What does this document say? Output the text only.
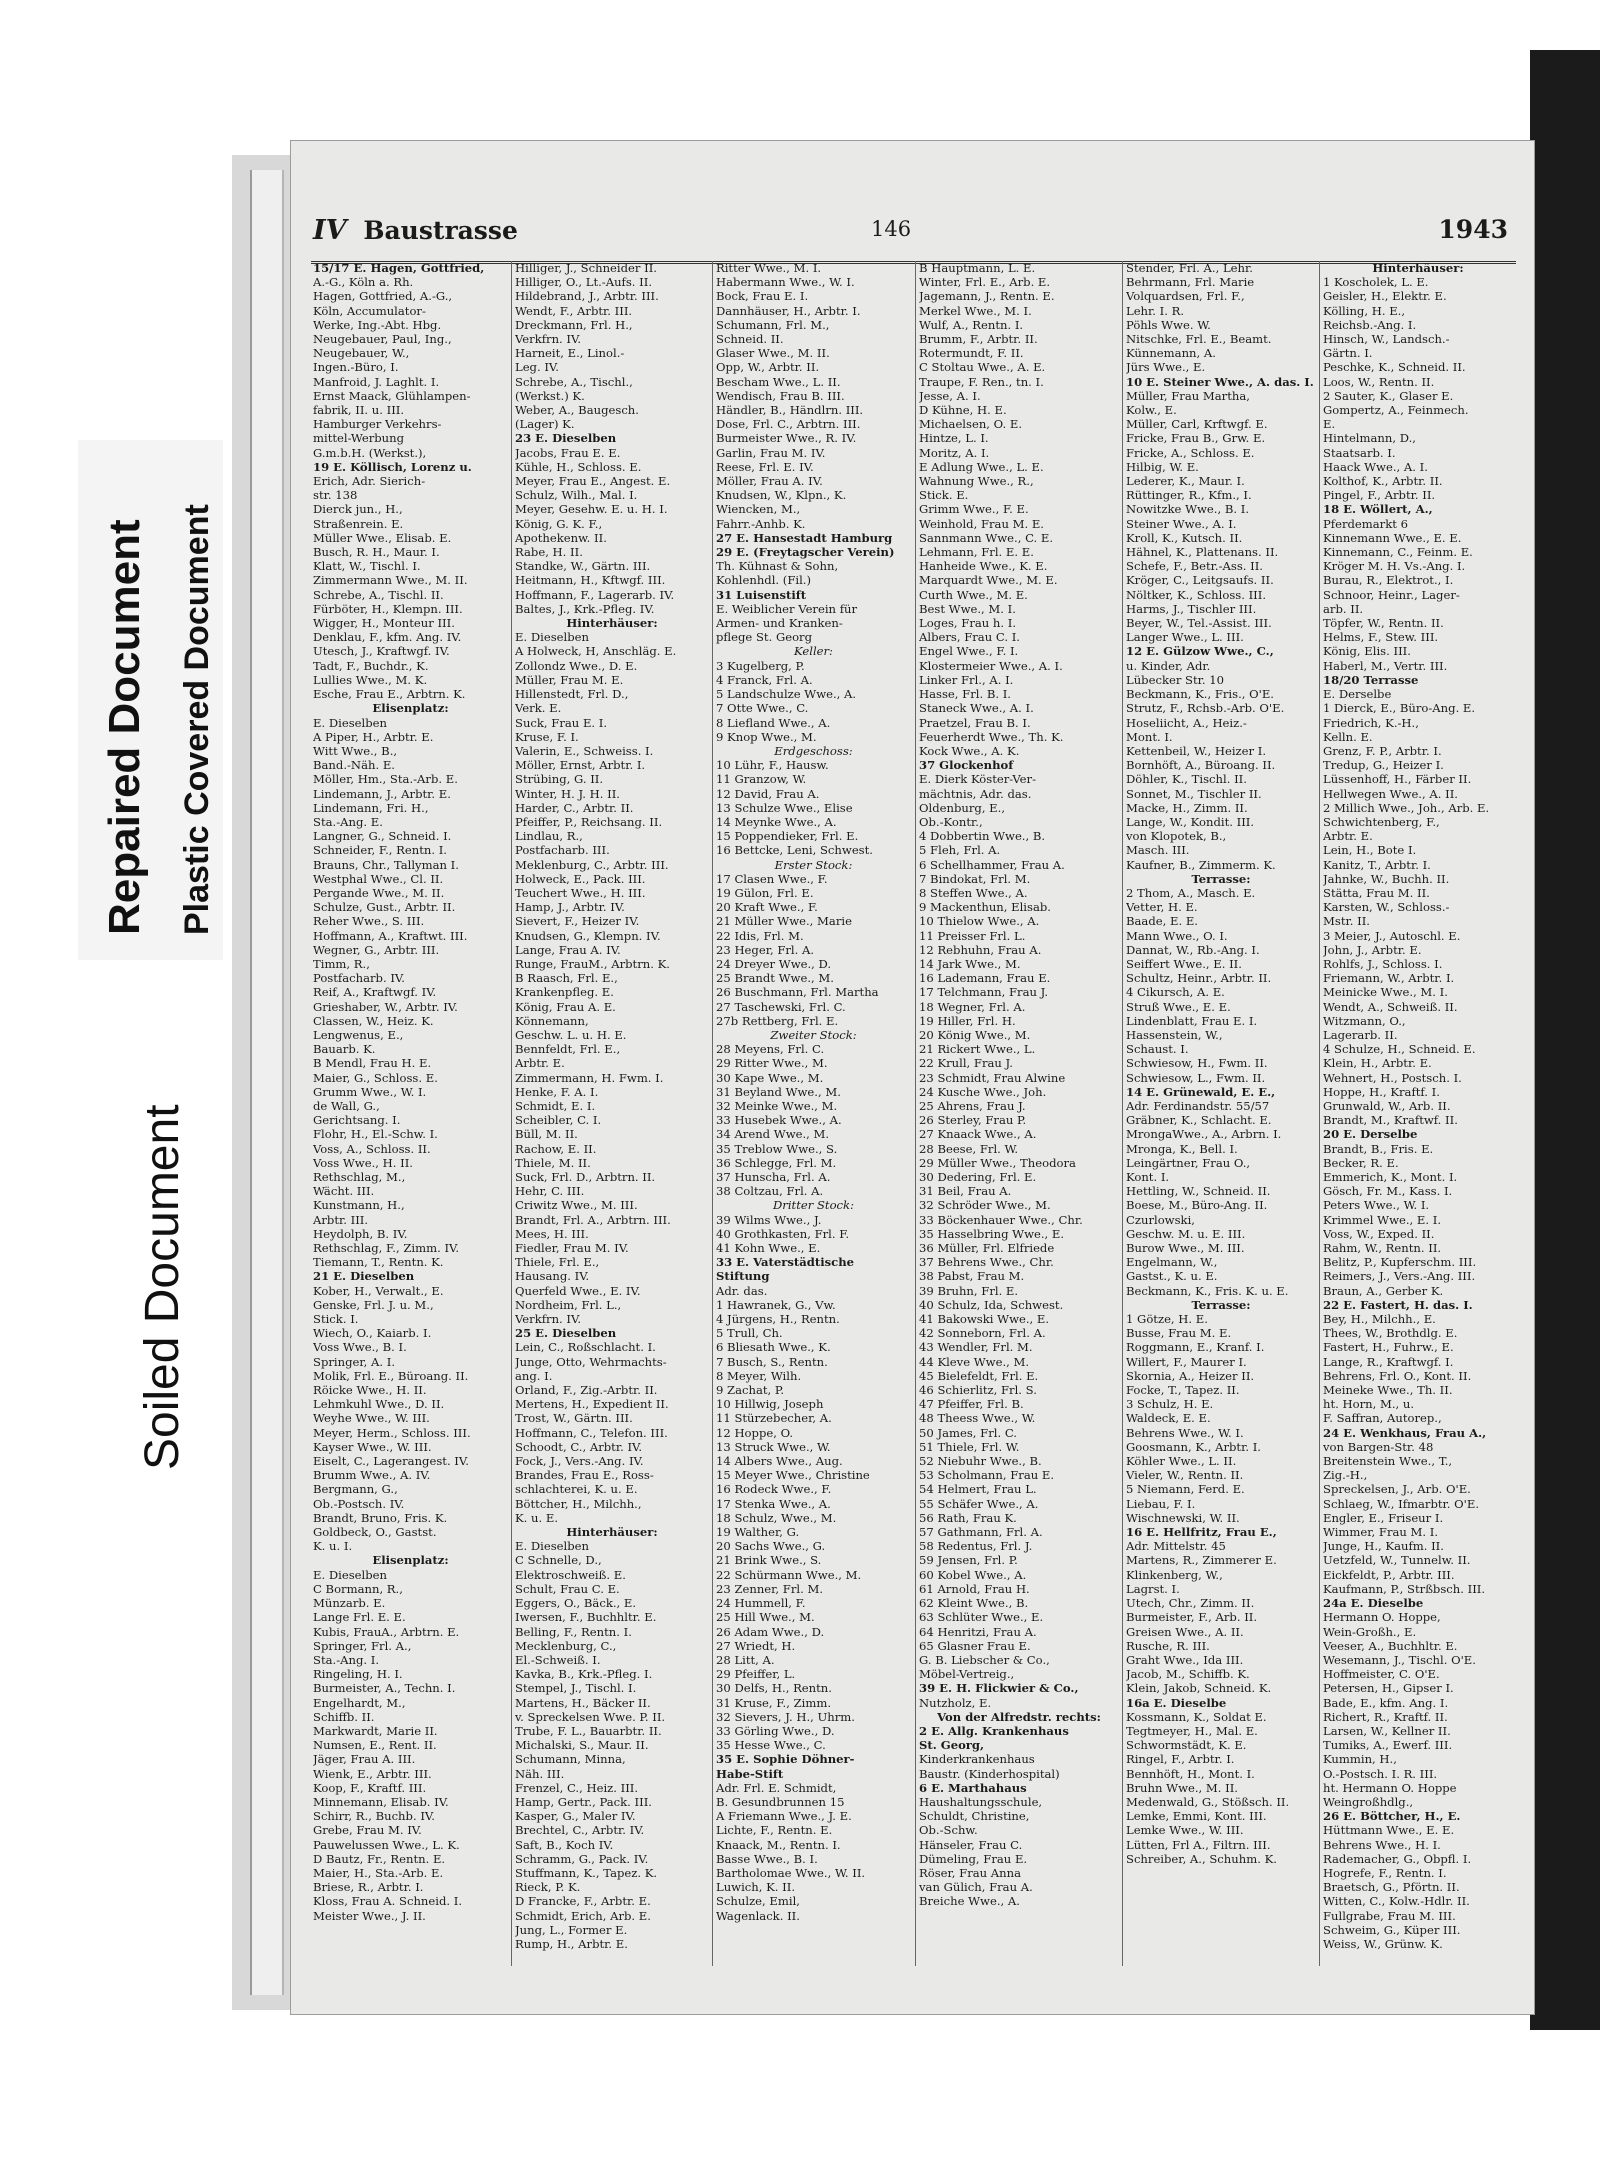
Soiled Document
Repaired Document Plastic Covered Document
IV Baustrasse	146	1943
15/17 E. Hagen, Gottfried,
A.-G., Köln a. Rh.
Hagen, Gottfried, A.-G.,
Köln, Accumulator-
Werke, Ing.-Abt. Hbg.
Neugebauer, Paul, Ing.,
Neugebauer, W.,
Ingen.-Büro, I.
Manfroid, J. Laghlt. I.
Ernst Maack, Glühlampen-
fabrik, II. u. III.
Hamburger Verkehrs-
mittel-Werbung
G.m.b.H. (Werkst.),
19 E. Köllisch, Lorenz u.
Erich, Adr. Sierich-
str. 138
Dierck jun., H.,
Straßenrein. E.
Müller Wwe., Elisab. E.
Busch, R. H., Maur. I.
Klatt, W., Tischl. I.
Zimmermann Wwe., M. II.
Schrebe, A., Tischl. II.
Fürböter, H., Klempn. III.
Wigger, H., Monteur III.
Denklau, F., kfm. Ang. IV.
Utesch, J., Kraftwgf. IV.
Tadt, F., Buchdr., K.
Lullies Wwe., M. K.
Esche, Frau E., Arbtrn. K.
Elisenplatz:
E. Dieselben
A Piper, H., Arbtr. E.
Witt Wwe., B.,
Band.-Näh. E.
Möller, Hm., Sta.-Arb. E.
Lindemann, J., Arbtr. E.
Lindemann, Fri. H.,
Sta.-Ang. E.
Langner, G., Schneid. I.
Schneider, F., Rentn. I.
Brauns, Chr., Tallyman I.
Westphal Wwe., Cl. II.
Pergande Wwe., M. II.
Schulze, Gust., Arbtr. II.
Reher Wwe., S. III.
Hoffmann, A., Kraftwt. III.
Wegner, G., Arbtr. III.
Timm, R.,
Postfacharb. IV.
Reif, A., Kraftwgf. IV.
Grieshaber, W., Arbtr. IV.
Classen, W., Heiz. K.
Lengwenus, E.,
Bauarb. K.
B Mendl, Frau H. E.
Maier, G., Schloss. E.
Grumm Wwe., W. I.
de Wall, G.,
Gerichtsang. I.
Flohr, H., El.-Schw. I.
Voss, A., Schloss. II.
Voss Wwe., H. II.
Rethschlag, M.,
Wächt. III.
Kunstmann, H.,
Arbtr. III.
Heydolph, B. IV.
Rethschlag, F., Zimm. IV.
Tiemann, T., Rentn. K.
21 E. Dieselben
Kober, H., Verwalt., E.
Genske, Frl. J. u. M.,
Stick. I.
Wiech, O., Kaiarb. I.
Voss Wwe., B. I.
Springer, A. I.
Molik, Frl. E., Büroang. II.
Röicke Wwe., H. II.
Lehmkuhl Wwe., D. II.
Weyhe Wwe., W. III.
Meyer, Herm., Schloss. III.
Kayser Wwe., W. III.
Eiselt, C., Lagerangest. IV.
Brumm Wwe., A. IV.
Bergmann, G.,
Ob.-Postsch. IV.
Brandt, Bruno, Fris. K.
Goldbeck, O., Gastst.
K. u. I.
Elisenplatz:
E. Dieselben
C Bormann, R.,
Münzarb. E.
Lange Frl. E. E.
Kubis, FrauA., Arbtrn. E.
Springer, Frl. A.,
Sta.-Ang. I.
Ringeling, H. I.
Burmeister, A., Techn. I.
Engelhardt, M.,
Schiffb. II.
Markwardt, Marie II.
Numsen, E., Rent. II.
Jäger, Frau A. III.
Wienk, E., Arbtr. III.
Koop, F., Kraftf. III.
Minnemann, Elisab. IV.
Schirr, R., Buchb. IV.
Grebe, Frau M. IV.
Pauwelussen Wwe., L. K.
D Bautz, Fr., Rentn. E.
Maier, H., Sta.-Arb. E.
Briese, R., Arbtr. I.
Kloss, Frau A. Schneid. I.
Meister Wwe., J. II.
Hilliger, J., Schneider II.
Hilliger, O., Lt.-Aufs. II.
Hildebrand, J., Arbtr. III.
Wendt, F., Arbtr. III.
Dreckmann, Frl. H.,
Verkfrn. IV.
Harneit, E., Linol.-
Leg. IV.
Schrebe, A., Tischl.,
(Werkst.) K.
Weber, A., Baugesch.
(Lager) K.
23 E. Dieselben
Jacobs, Frau E. E.
Kühle, H., Schloss. E.
Meyer, Frau E., Angest. E.
Schulz, Wilh., Mal. I.
Meyer, Gesehw. E. u. H. I.
König, G. K. F.,
Apothekenw. II.
Rabe, H. II.
Standke, W., Gärtn. III.
Heitmann, H., Kftwgf. III.
Hoffmann, F., Lagerarb. IV.
Baltes, J., Krk.-Pfleg. IV.
Hinterhäuser:
E. Dieselben
A Holweck, H, Anschläg. E.
Zollondz Wwe., D. E.
Müller, Frau M. E.
Hillenstedt, Frl. D.,
Verk. E.
Suck, Frau E. I.
Kruse, F. I.
Valerin, E., Schweiss. I.
Möller, Ernst, Arbtr. I.
Strübing, G. II.
Winter, H. J. H. II.
Harder, C., Arbtr. II.
Pfeiffer, P., Reichsang. II.
Lindlau, R.,
Postfacharb. III.
Meklenburg, C., Arbtr. III.
Holweck, E., Pack. III.
Teuchert Wwe., H. III.
Hamp, J., Arbtr. IV.
Sievert, F., Heizer IV.
Knudsen, G., Klempn. IV.
Lange, Frau A. IV.
Runge, FrauM., Arbtrn. K.
B Raasch, Frl. E.,
Krankenpfleg. E.
König, Frau A. E.
Könnemann,
Geschw. L. u. H. E.
Bennfeldt, Frl. E.,
Arbtr. E.
Zimmermann, H. Fwm. I.
Henke, F. A. I.
Schmidt, E. I.
Scheibler, C. I.
Büll, M. II.
Rachow, E. II.
Thiele, M. II.
Suck, Frl. D., Arbtrn. II.
Hehr, C. III.
Criwitz Wwe., M. III.
Brandt, Frl. A., Arbtrn. III.
Mees, H. III.
Fiedler, Frau M. IV.
Thiele, Frl. E.,
Hausang. IV.
Querfeld Wwe., E. IV.
Nordheim, Frl. L.,
Verkfrn. IV.
25 E. Dieselben
Lein, C., Roßschlacht. I.
Junge, Otto, Wehrmachts-
ang. I.
Orland, F., Zig.-Arbtr. II.
Mertens, H., Expedient II.
Trost, W., Gärtn. III.
Hoffmann, C., Telefon. III.
Schoodt, C., Arbtr. IV.
Fock, J., Vers.-Ang. IV.
Brandes, Frau E., Ross-
schlachterei, K. u. E.
Böttcher, H., Milchh.,
K. u. E.
Hinterhäuser:
E. Dieselben
C Schnelle, D.,
Elektroschweiß. E.
Schult, Frau C. E.
Eggers, O., Bäck., E.
Iwersen, F., Buchhltr. E.
Belling, F., Rentn. I.
Mecklenburg, C.,
El.-Schweiß. I.
Kavka, B., Krk.-Pfleg. I.
Stempel, J., Tischl. I.
Martens, H., Bäcker II.
v. Spreckelsen Wwe. P. II.
Trube, F. L., Bauarbtr. II.
Michalski, S., Maur. II.
Schumann, Minna,
Näh. III.
Frenzel, C., Heiz. III.
Hamp, Gertr., Pack. III.
Kasper, G., Maler IV.
Brechtel, C., Arbtr. IV.
Saft, B., Koch IV.
Schramm, G., Pack. IV.
Stuffmann, K., Tapez. K.
Rieck, P. K.
D Francke, F., Arbtr. E.
Schmidt, Erich, Arb. E.
Jung, L., Former E.
Rump, H., Arbtr. E.
Ritter Wwe., M. I.
Habermann Wwe., W. I.
Bock, Frau E. I.
Dannhäuser, H., Arbtr. I.
Schumann, Frl. M.,
Schneid. II.
Glaser Wwe., M. II.
Opp, W., Arbtr. II.
Bescham Wwe., L. II.
Wendisch, Frau B. III.
Händler, B., Händlrn. III.
Dose, Frl. C., Arbtrn. III.
Burmeister Wwe., R. IV.
Garlin, Frau M. IV.
Reese, Frl. E. IV.
Möller, Frau A. IV.
Knudsen, W., Klpn., K.
Wiencken, M.,
Fahrr.-Anhb. K.
27 E. Hansestadt Hamburg
29 E. (Freytagscher Verein)
Th. Kühnast & Sohn,
Kohlenhdl. (Fil.)
31 Luisenstift
E. Weiblicher Verein für
Armen- und Kranken-
pflege St. Georg
Keller:
3 Kugelberg, P.
4 Franck, Frl. A.
5 Landschulze Wwe., A.
7 Otte Wwe., C.
8 Liefland Wwe., A.
9 Knop Wwe., M.
Erdgeschoss:
10 Lühr, F., Hausw.
11 Granzow, W.
12 David, Frau A.
13 Schulze Wwe., Elise
14 Meynke Wwe., A.
15 Poppendieker, Frl. E.
16 Bettcke, Leni, Schwest.
Erster Stock:
17 Clasen Wwe., F.
19 Gülon, Frl. E.
20 Kraft Wwe., F.
21 Müller Wwe., Marie
22 Idis, Frl. M.
23 Heger, Frl. A.
24 Dreyer Wwe., D.
25 Brandt Wwe., M.
26 Buschmann, Frl. Martha
27 Taschewski, Frl. C.
27b Rettberg, Frl. E.
Zweiter Stock:
28 Meyens, Frl. C.
29 Ritter Wwe., M.
30 Kape Wwe., M.
31 Beyland Wwe., M.
32 Meinke Wwe., M.
33 Husebek Wwe., A.
34 Arend Wwe., M.
35 Treblow Wwe., S.
36 Schlegge, Frl. M.
37 Hunscha, Frl. A.
38 Coltzau, Frl. A.
Dritter Stock:
39 Wilms Wwe., J.
40 Grothkasten, Frl. F.
41 Kohn Wwe., E.
33 E. Vaterstädtische
Stiftung
Adr. das.
1 Hawranek, G., Vw.
4 Jürgens, H., Rentn.
5 Trull, Ch.
6 Bliesath Wwe., K.
7 Busch, S., Rentn.
8 Meyer, Wilh.
9 Zachat, P.
10 Hillwig, Joseph
11 Stürzebecher, A.
12 Hoppe, O.
13 Struck Wwe., W.
14 Albers Wwe., Aug.
15 Meyer Wwe., Christine
16 Rodeck Wwe., F.
17 Stenka Wwe., A.
18 Schulz, Wwe., M.
19 Walther, G.
20 Sachs Wwe., G.
21 Brink Wwe., S.
22 Schürmann Wwe., M.
23 Zenner, Frl. M.
24 Hummell, F.
25 Hill Wwe., M.
26 Adam Wwe., D.
27 Wriedt, H.
28 Litt, A.
29 Pfeiffer, L.
30 Delfs, H., Rentn.
31 Kruse, F., Zimm.
32 Sievers, J. H., Uhrm.
33 Görling Wwe., D.
35 Hesse Wwe., C.
35 E. Sophie Döhner-
Habe-Stift
Adr. Frl. E. Schmidt,
B. Gesundbrunnen 15
A Friemann Wwe., J. E.
Lichte, F., Rentn. E.
Knaack, M., Rentn. I.
Basse Wwe., B. I.
Bartholomae Wwe., W. II.
Luwich, K. II.
Schulze, Emil,
Wagenlack. II.
B Hauptmann, L. E.
Winter, Frl. E., Arb. E.
Jagemann, J., Rentn. E.
Merkel Wwe., M. I.
Wulf, A., Rentn. I.
Brumm, F., Arbtr. II.
Rotermundt, F. II.
C Stoltau Wwe., A. E.
Traupe, F. Ren., tn. I.
Jesse, A. I.
D Kühne, H. E.
Michaelsen, O. E.
Hintze, L. I.
Moritz, A. I.
E Adlung Wwe., L. E.
Wahnung Wwe., R.,
Stick. E.
Grimm Wwe., F. E.
Weinhold, Frau M. E.
Sannmann Wwe., C. E.
Lehmann, Frl. E. E.
Hanheide Wwe., K. E.
Marquardt Wwe., M. E.
Curth Wwe., M. E.
Best Wwe., M. I.
Loges, Frau h. I.
Albers, Frau C. I.
Engel Wwe., F. I.
Klostermeier Wwe., A. I.
Linker Frl., A. I.
Hasse, Frl. B. I.
Staneck Wwe., A. I.
Praetzel, Frau B. I.
Feuerherdt Wwe., Th. K.
Kock Wwe., A. K.
37 Glockenhof
E. Dierk Köster-Ver-
mächtnis, Adr. das.
Oldenburg, E.,
Ob.-Kontr.,
4 Dobbertin Wwe., B.
5 Fleh, Frl. A.
6 Schellhammer, Frau A.
7 Bindokat, Frl. M.
8 Steffen Wwe., A.
9 Mackenthun, Elisab.
10 Thielow Wwe., A.
11 Preisser Frl. L.
12 Rebhuhn, Frau A.
14 Jark Wwe., M.
16 Lademann, Frau E.
17 Telchmann, Frau J.
18 Wegner, Frl. A.
19 Hiller, Frl. H.
20 König Wwe., M.
21 Rickert Wwe., L.
22 Krull, Frau J.
23 Schmidt, Frau Alwine
24 Kusche Wwe., Joh.
25 Ahrens, Frau J.
26 Sterley, Frau P.
27 Knaack Wwe., A.
28 Beese, Frl. W.
29 Müller Wwe., Theodora
30 Dedering, Frl. E.
31 Beil, Frau A.
32 Schröder Wwe., M.
33 Böckenhauer Wwe., Chr.
35 Hasselbring Wwe., E.
36 Müller, Frl. Elfriede
37 Behrens Wwe., Chr.
38 Pabst, Frau M.
39 Bruhn, Frl. E.
40 Schulz, Ida, Schwest.
41 Bakowski Wwe., E.
42 Sonneborn, Frl. A.
43 Wendler, Frl. M.
44 Kleve Wwe., M.
45 Bielefeldt, Frl. E.
46 Schierlitz, Frl. S.
47 Pfeiffer, Frl. B.
48 Theess Wwe., W.
50 James, Frl. C.
51 Thiele, Frl. W.
52 Niebuhr Wwe., B.
53 Scholmann, Frau E.
54 Helmert, Frau L.
55 Schäfer Wwe., A.
56 Rath, Frau K.
57 Gathmann, Frl. A.
58 Redentus, Frl. J.
59 Jensen, Frl. P.
60 Kobel Wwe., A.
61 Arnold, Frau H.
62 Kleint Wwe., B.
63 Schlüter Wwe., E.
64 Henritzi, Frau A.
65 Glasner Frau E.
G. B. Liebscher & Co.,
Möbel-Vertreig.,
39 E. H. Flickwier & Co.,
Nutzholz, E.
Von der Alfredstr. rechts:
2 E. Allg. Krankenhaus
St. Georg,
Kinderkrankenhaus
Baustr. (Kinderhospital)
6 E. Marthahaus
Haushaltungsschule,
Schuldt, Christine,
Ob.-Schw.
Hänseler, Frau C.
Dümeling, Frau E.
Röser, Frau Anna
van Gülich, Frau A.
Breiche Wwe., A.
Stender, Frl. A., Lehr.
Behrmann, Frl. Marie
Volquardsen, Frl. F.,
Lehr. I. R.
Pöhls Wwe. W.
Nitschke, Frl. E., Beamt.
Künnemann, A.
Jürs Wwe., E.
10 E. Steiner Wwe., A. das. I.
Müller, Frau Martha,
Kolw., E.
Müller, Carl, Krftwgf. E.
Fricke, Frau B., Grw. E.
Fricke, A., Schloss. E.
Hilbig, W. E.
Lederer, K., Maur. I.
Rüttinger, R., Kfm., I.
Nowitzke Wwe., B. I.
Steiner Wwe., A. I.
Kroll, K., Kutsch. II.
Hähnel, K., Plattenans. II.
Schefe, F., Betr.-Ass. II.
Kröger, C., Leitgsaufs. II.
Nöltker, K., Schloss. III.
Harms, J., Tischler III.
Beyer, W., Tel.-Assist. III.
Langer Wwe., L. III.
12 E. Gülzow Wwe., C.,
u. Kinder, Adr.
Lübecker Str. 10
Beckmann, K., Fris., O'E.
Strutz, F., Rchsb.-Arb. O'E.
Hoseliicht, A., Heiz.-
Mont. I.
Kettenbeil, W., Heizer I.
Bornhöft, A., Büroang. II.
Döhler, K., Tischl. II.
Sonnet, M., Tischler II.
Macke, H., Zimm. II.
Lange, W., Kondit. III.
von Klopotek, B.,
Masch. III.
Kaufner, B., Zimmerm. K.
Terrasse:
2 Thom, A., Masch. E.
Vetter, H. E.
Baade, E. E.
Mann Wwe., O. I.
Dannat, W., Rb.-Ang. I.
Seiffert Wwe., E. II.
Schultz, Heinr., Arbtr. II.
4 Cikursch, A. E.
Struß Wwe., E. E.
Lindenblatt, Frau E. I.
Hassenstein, W.,
Schaust. I.
Schwiesow, H., Fwm. II.
Schwiesow, L., Fwm. II.
14 E. Grünewald, E. E.,
Adr. Ferdinandstr. 55/57
Gräbner, K., Schlacht. E.
MrongaWwe., A., Arbrn. I.
Mronga, K., Bell. I.
Leingärtner, Frau O.,
Kont. I.
Hettling, W., Schneid. II.
Boese, M., Büro-Ang. II.
Czurlowski,
Geschw. M. u. E. III.
Burow Wwe., M. III.
Engelmann, W.,
Gastst., K. u. E.
Beckmann, K., Fris. K. u. E.
Terrasse:
1 Götze, H. E.
Busse, Frau M. E.
Roggmann, E., Kranf. I.
Willert, F., Maurer I.
Skornia, A., Heizer II.
Focke, T., Tapez. II.
3 Schulz, H. E.
Waldeck, E. E.
Behrens Wwe., W. I.
Goosmann, K., Arbtr. I.
Köhler Wwe., L. II.
Vieler, W., Rentn. II.
5 Niemann, Ferd. E.
Liebau, F. I.
Wischnewski, W. II.
16 E. Hellfritz, Frau E.,
Adr. Mittelstr. 45
Martens, R., Zimmerer E.
Klinkenberg, W.,
Lagrst. I.
Utech, Chr., Zimm. II.
Burmeister, F., Arb. II.
Greisen Wwe., A. II.
Rusche, R. III.
Graht Wwe., Ida III.
Jacob, M., Schiffb. K.
Klein, Jakob, Schneid. K.
16a E. Dieselbe
Kossmann, K., Soldat E.
Tegtmeyer, H., Mal. E.
Schwormstädt, K. E.
Ringel, F., Arbtr. I.
Bennhöft, H., Mont. I.
Bruhn Wwe., M. II.
Medenwald, G., Stößsch. II.
Lemke, Emmi, Kont. III.
Lemke Wwe., W. III.
Lütten, Frl A., Filtrn. III.
Schreiber, A., Schuhm. K.
Hinterhäuser:
1 Koscholek, L. E.
Geisler, H., Elektr. E.
Kölling, H. E.,
Reichsb.-Ang. I.
Hinsch, W., Landsch.-
Gärtn. I.
Peschke, K., Schneid. II.
Loos, W., Rentn. II.
2 Sauter, K., Glaser E.
Gompertz, A., Feinmech.
E.
Hintelmann, D.,
Staatsarb. I.
Haack Wwe., A. I.
Kolthof, K., Arbtr. II.
Pingel, F., Arbtr. II.
18 E. Wöllert, A.,
Pferdemarkt 6
Kinnemann Wwe., E. E.
Kinnemann, C., Feinm. E.
Kröger M. H. Vs.-Ang. I.
Burau, R., Elektrot., I.
Schnoor, Heinr., Lager-
arb. II.
Töpfer, W., Rentn. II.
Helms, F., Stew. III.
König, Elis. III.
Haberl, M., Vertr. III.
18/20 Terrasse
E. Derselbe
1 Dierck, E., Büro-Ang. E.
Friedrich, K.-H.,
Kelln. E.
Grenz, F. P., Arbtr. I.
Tredup, G., Heizer I.
Lüssenhoff, H., Färber II.
Hellwegen Wwe., A. II.
2 Millich Wwe., Joh., Arb. E.
Schwichtenberg, F.,
Arbtr. E.
Lein, H., Bote I.
Kanitz, T., Arbtr. I.
Jahnke, W., Buchh. II.
Stätta, Frau M. II.
Karsten, W., Schloss.-
Mstr. II.
3 Meier, J., Autoschl. E.
John, J., Arbtr. E.
Rohlfs, J., Schloss. I.
Friemann, W., Arbtr. I.
Meinicke Wwe., M. I.
Wendt, A., Schweiß. II.
Witzmann, O.,
Lagerarb. II.
4 Schulze, H., Schneid. E.
Klein, H., Arbtr. E.
Wehnert, H., Postsch. I.
Hoppe, H., Kraftf. I.
Grunwald, W., Arb. II.
Brandt, M., Kraftwf. II.
20 E. Derselbe
Brandt, B., Fris. E.
Becker, R. E.
Emmerich, K., Mont. I.
Gösch, Fr. M., Kass. I.
Peters Wwe., W. I.
Krimmel Wwe., E. I.
Voss, W., Exped. II.
Rahm, W., Rentn. II.
Belitz, P., Kupferschm. III.
Reimers, J., Vers.-Ang. III.
Braun, A., Gerber K.
22 E. Fastert, H. das. I.
Bey, H., Milchh., E.
Thees, W., Brothdlg. E.
Fastert, H., Fuhrw., E.
Lange, R., Kraftwgf. I.
Behrens, Frl. O., Kont. II.
Meineke Wwe., Th. II.
ht. Horn, M., u.
F. Saffran, Autorep.,
24 E. Wenkhaus, Frau A.,
von Bargen-Str. 48
Breitenstein Wwe., T.,
Zig.-H.,
Spreckelsen, J., Arb. O'E.
Schlaeg, W., Ifmarbtr. O'E.
Engler, E., Friseur I.
Wimmer, Frau M. I.
Junge, H., Kaufm. II.
Uetzfeld, W., Tunnelw. II.
Eickfeldt, P., Arbtr. III.
Kaufmann, P., Strßbsch. III.
24a E. Dieselbe
Hermann O. Hoppe,
Wein-Großh., E.
Veeser, A., Buchhltr. E.
Wesemann, J., Tischl. O'E.
Hoffmeister, C. O'E.
Petersen, H., Gipser I.
Bade, E., kfm. Ang. I.
Richert, R., Kraftf. II.
Larsen, W., Kellner II.
Tumiks, A., Ewerf. III.
Kummin, H.,
O.-Postsch. I. R. III.
ht. Hermann O. Hoppe
Weingroßhdlg.,
26 E. Böttcher, H., E.
Hüttmann Wwe., E. E.
Behrens Wwe., H. I.
Rademacher, G., Obpfl. I.
Hogrefe, F., Rentn. I.
Braetsch, G., Pförtn. II.
Witten, C., Kolw.-Hdlr. II.
Fullgrabe, Frau M. III.
Schweim, G., Küper III.
Weiss, W., Grünw. K.
